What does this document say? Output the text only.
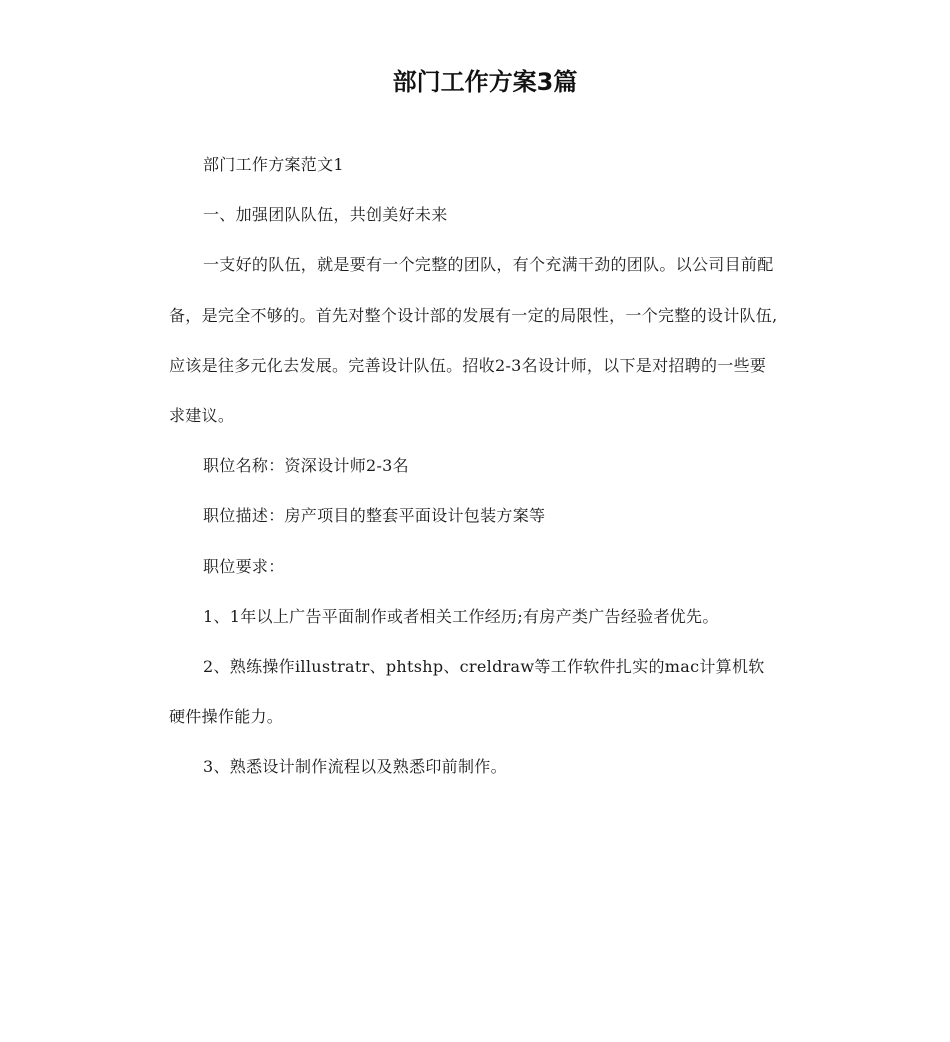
部门工作方案3篇

部门工作方案范文1

一、加强团队队伍，共创美好未来

一支好的队伍，就是要有一个完整的团队，有个充满干劲的团队。以公司目前配备，是完全不够的。首先对整个设计部的发展有一定的局限性，一个完整的设计队伍,应该是往多元化去发展。完善设计队伍。招收2-3名设计师，以下是对招聘的一些要求建议。

职位名称：资深设计师2-3名

职位描述：房产项目的整套平面设计包装方案等

职位要求：

1、1年以上广告平面制作或者相关工作经历;有房产类广告经验者优先。

2、熟练操作illustratr、phtshp、creldraw等工作软件扎实的mac计算机软硬件操作能力。

3、熟悉设计制作流程以及熟悉印前制作。
